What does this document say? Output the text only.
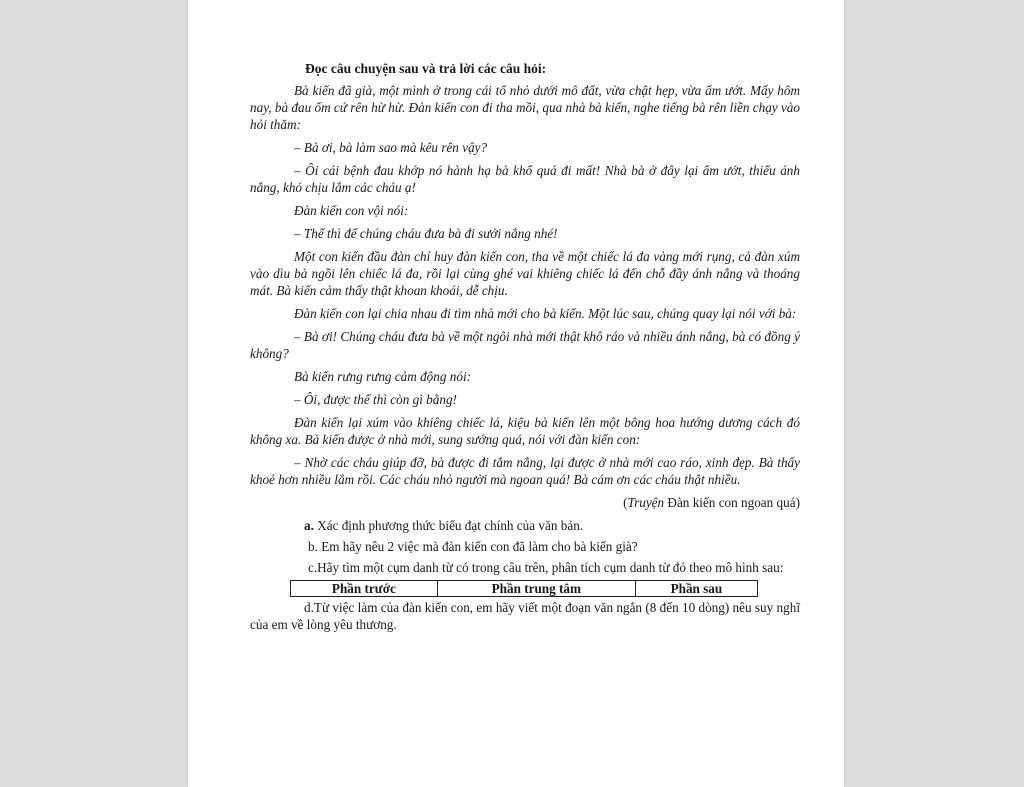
Đọc câu chuyện sau và trả lời các câu hỏi:

Bà kiến đã già, một mình ở trong cái tổ nhỏ dưới mô đất, vừa chật hẹp, vừa ẩm ướt. Mấy hôm nay, bà đau ốm cứ rên hừ hừ. Đàn kiến con đi tha mồi, qua nhà bà kiến, nghe tiếng bà rên liền chạy vào hỏi thăm:

– Bà ơi, bà làm sao mà kêu rên vậy?

– Ôi cái bệnh đau khớp nó hành hạ bà khổ quá đi mất! Nhà bà ở đây lại ẩm ướt, thiếu ánh nắng, khó chịu lắm các cháu ạ!

Đàn kiến con vội nói:

– Thế thì để chúng cháu đưa bà đi sưởi nắng nhé!

Một con kiến đầu đàn chỉ huy đàn kiến con, tha về một chiếc lá đa vàng mới rụng, cả đàn xúm vào dìu bà ngồi lên chiếc lá đa, rồi lại cùng ghé vai khiêng chiếc lá đến chỗ đầy ánh nắng và thoáng mát. Bà kiến cảm thấy thật khoan khoái, dễ chịu.

Đàn kiến con lại chia nhau đi tìm nhà mới cho bà kiến. Một lúc sau, chúng quay lại nói với bà:

– Bà ơi! Chúng cháu đưa bà về một ngôi nhà mới thật khô ráo và nhiều ánh nắng, bà có đồng ý không?

Bà kiến rưng rưng cảm động nói:

– Ôi, được thế thì còn gì bằng!

Đàn kiến lại xúm vào khiêng chiếc lá, kiệu bà kiến lên một bông hoa hướng dương cách đó không xa. Bà kiến được ở nhà mới, sung sướng quá, nói với đàn kiến con:

– Nhờ các cháu giúp đỡ, bà được đi tắm nắng, lại được ở nhà mới cao ráo, xinh đẹp. Bà thấy khoẻ hơn nhiều lắm rồi. Các cháu nhỏ người mà ngoan quá! Bà cám ơn các cháu thật nhiều.

(Truyện Đàn kiến con ngoan quá)
a. Xác định phương thức biểu đạt chính của văn bản.
b. Em hãy nêu 2 việc mà đàn kiến con đã làm cho bà kiến già?
c.Hãy tìm một cụm danh từ có trong câu trên, phân tích cụm danh từ đó theo mô hình sau:
Phần trước	Phần trung tâm	Phần sau
d.Từ việc làm của đàn kiến con, em hãy viết một đoạn văn ngắn (8 đến 10 dòng) nêu suy nghĩ của em về lòng yêu thương.
